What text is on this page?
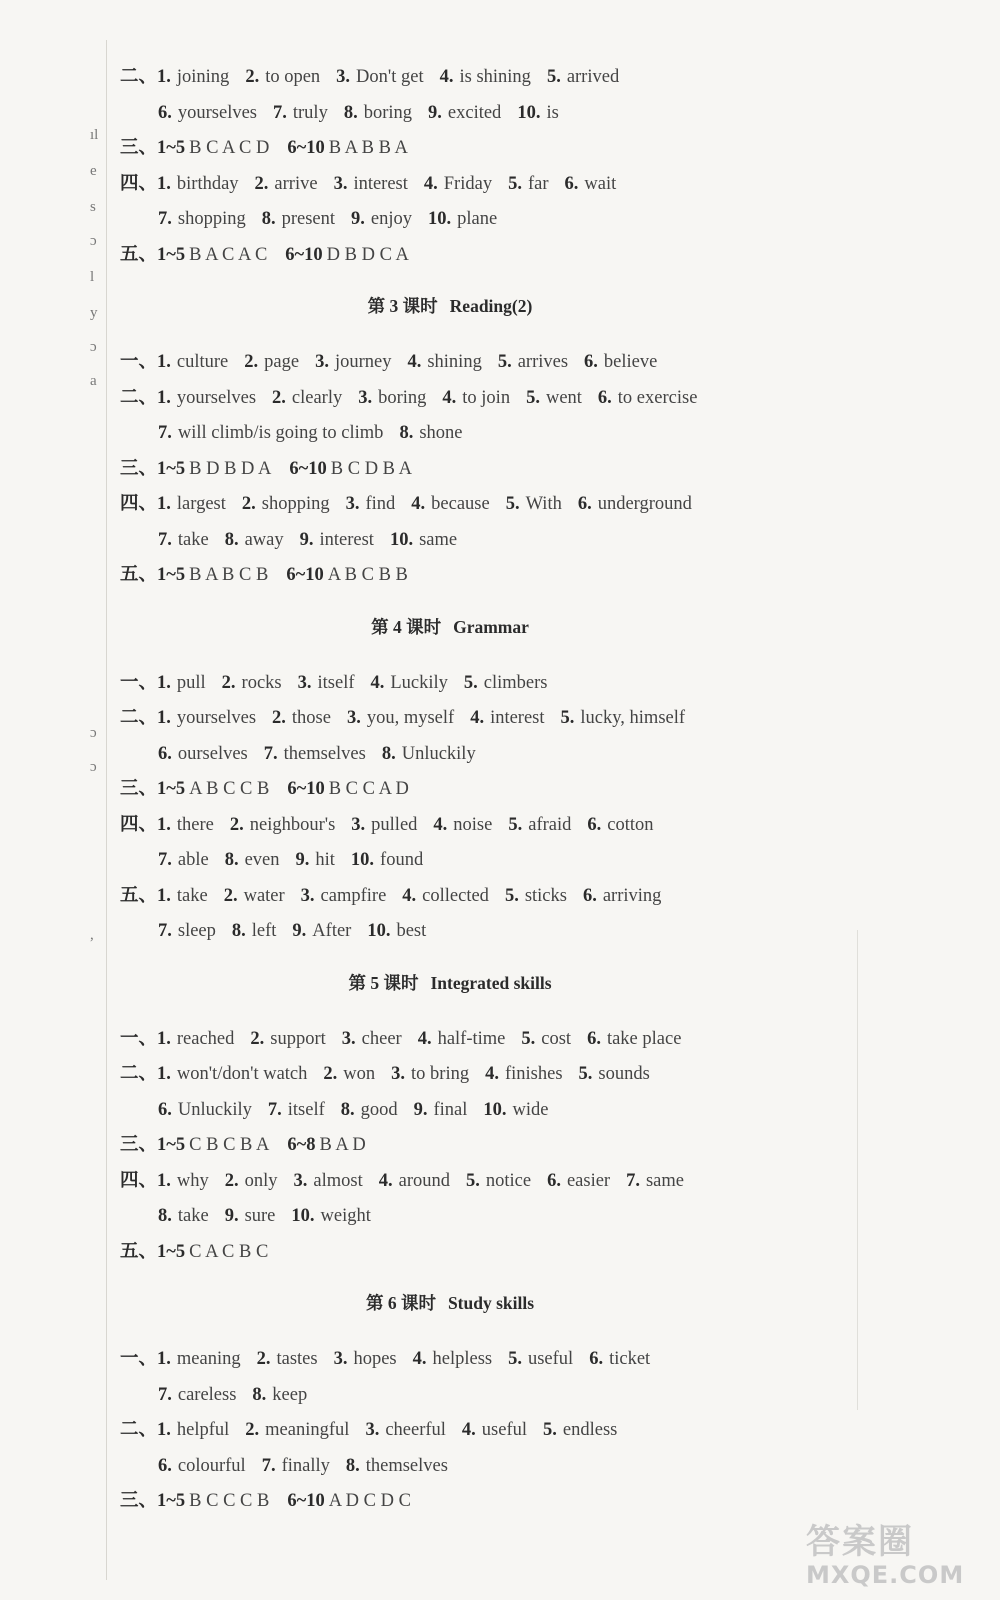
ıl
e
s
ɔ
l
y
ɔ
a
ɔ
ɔ
,
二、1. joining 2. to open 3. Don't get 4. is shining 5. arrived
6. yourselves 7. truly 8. boring 9. excited 10. is
三、1~5 B C A C D 6~10 B A B B A
四、1. birthday 2. arrive 3. interest 4. Friday 5. far 6. wait
7. shopping 8. present 9. enjoy 10. plane
五、1~5 B A C A C 6~10 D B D C A
第 3 课时 Reading(2)
一、1. culture 2. page 3. journey 4. shining 5. arrives 6. believe
二、1. yourselves 2. clearly 3. boring 4. to join 5. went 6. to exercise
7. will climb/is going to climb 8. shone
三、1~5 B D B D A 6~10 B C D B A
四、1. largest 2. shopping 3. find 4. because 5. With 6. underground
7. take 8. away 9. interest 10. same
五、1~5 B A B C B 6~10 A B C B B
第 4 课时 Grammar
一、1. pull 2. rocks 3. itself 4. Luckily 5. climbers
二、1. yourselves 2. those 3. you, myself 4. interest 5. lucky, himself
6. ourselves 7. themselves 8. Unluckily
三、1~5 A B C C B 6~10 B C C A D
四、1. there 2. neighbour's 3. pulled 4. noise 5. afraid 6. cotton
7. able 8. even 9. hit 10. found
五、1. take 2. water 3. campfire 4. collected 5. sticks 6. arriving
7. sleep 8. left 9. After 10. best
第 5 课时 Integrated skills
一、1. reached 2. support 3. cheer 4. half-time 5. cost 6. take place
二、1. won't/don't watch 2. won 3. to bring 4. finishes 5. sounds
6. Unluckily 7. itself 8. good 9. final 10. wide
三、1~5 C B C B A 6~8 B A D
四、1. why 2. only 3. almost 4. around 5. notice 6. easier 7. same
8. take 9. sure 10. weight
五、1~5 C A C B C
第 6 课时 Study skills
一、1. meaning 2. tastes 3. hopes 4. helpless 5. useful 6. ticket
7. careless 8. keep
二、1. helpful 2. meaningful 3. cheerful 4. useful 5. endless
6. colourful 7. finally 8. themselves
三、1~5 B C C C B 6~10 A D C D C
答案圈
MXQE.COM
